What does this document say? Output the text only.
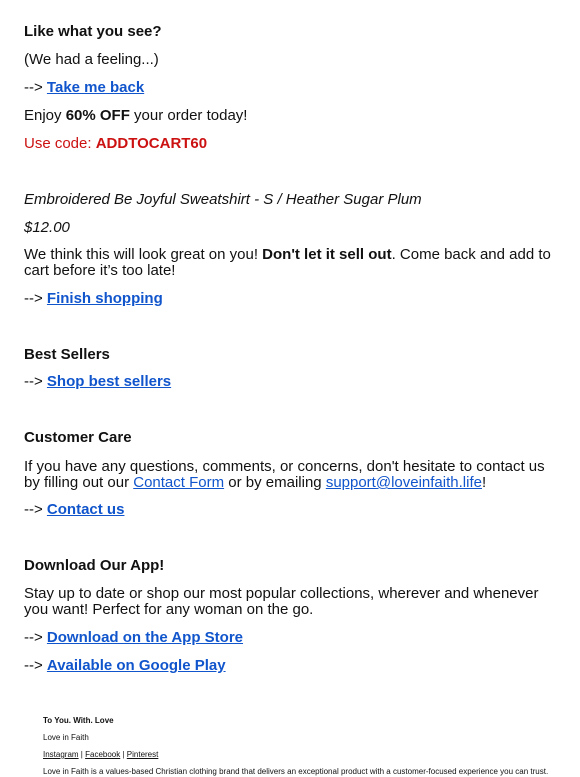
Like what you see?
(We had a feeling...)
--> Take me back
Enjoy 60% OFF your order today!
Use code: ADDTOCART60
Embroidered Be Joyful Sweatshirt - S / Heather Sugar Plum
$12.00
We think this will look great on you! Don't let it sell out. Come back and add to cart before it’s too late!
--> Finish shopping
Best Sellers
--> Shop best sellers
Customer Care
If you have any questions, comments, or concerns, don't hesitate to contact us by filling out our Contact Form or by emailing support@loveinfaith.life!
--> Contact us
Download Our App!
Stay up to date or shop our most popular collections, wherever and whenever you want! Perfect for any woman on the go.
--> Download on the App Store
--> Available on Google Play
To You. With. Love
Love in Faith
Instagram | Facebook | Pinterest
Love in Faith is a values-based Christian clothing brand that delivers an exceptional product with a customer-focused experience you can trust.
